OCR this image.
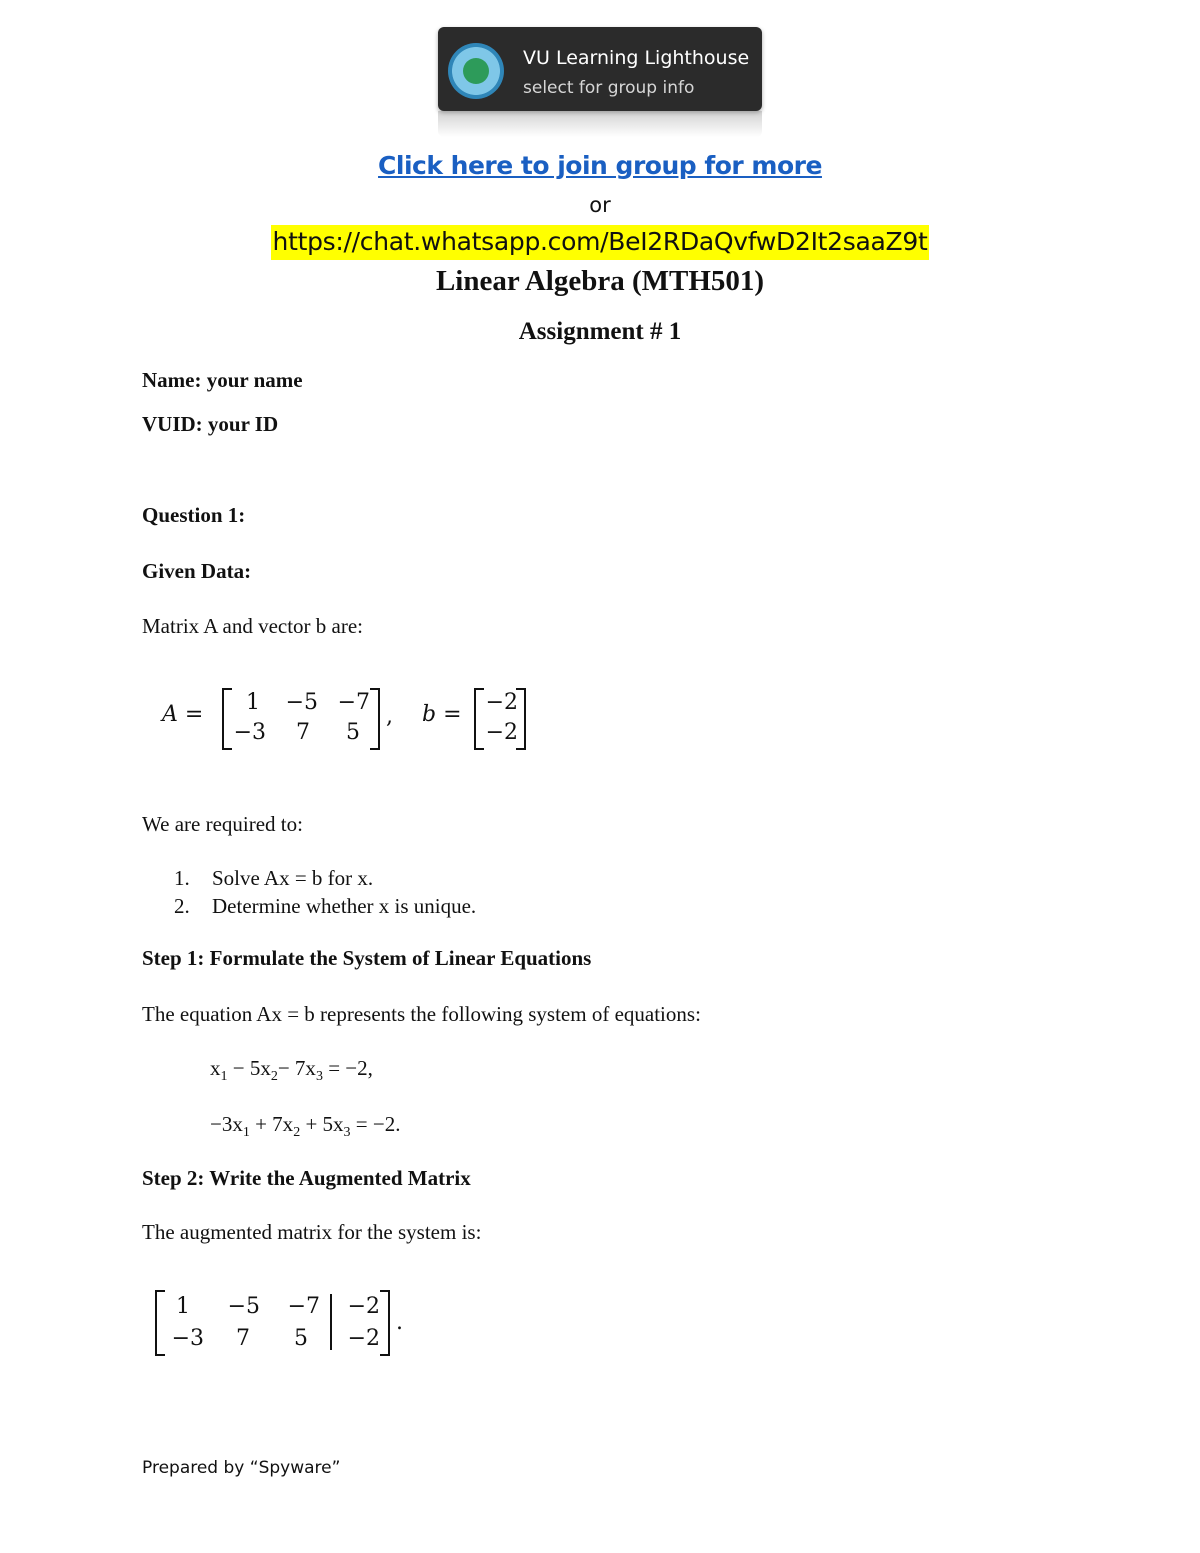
VU Learning Lighthouse
select for group info
Click here to join group for more
or
https://chat.whatsapp.com/BeI2RDaQvfwD2It2saaZ9t
Linear Algebra (MTH501)
Assignment # 1
Name: your name
VUID: your ID
Question 1:
Given Data:
Matrix A and vector b are:
A =	1 −5 −7
−3	7	5
, b = −2
−2
We are required to:
1. Solve Ax = b for x.
2. Determine whether x is unique.
Step 1: Formulate the System of Linear Equations
The equation Ax = b represents the following system of equations:
$x_1 - 5x_2- 7x_3 = -2$,
$-3x_1 + 7x_2 + 5x_3 = -2$.
Step 2: Write the Augmented Matrix
The augmented matrix for the system is:
1 −5 −7 −2
−3	7	5 −2
.
Prepared by “Spyware”
